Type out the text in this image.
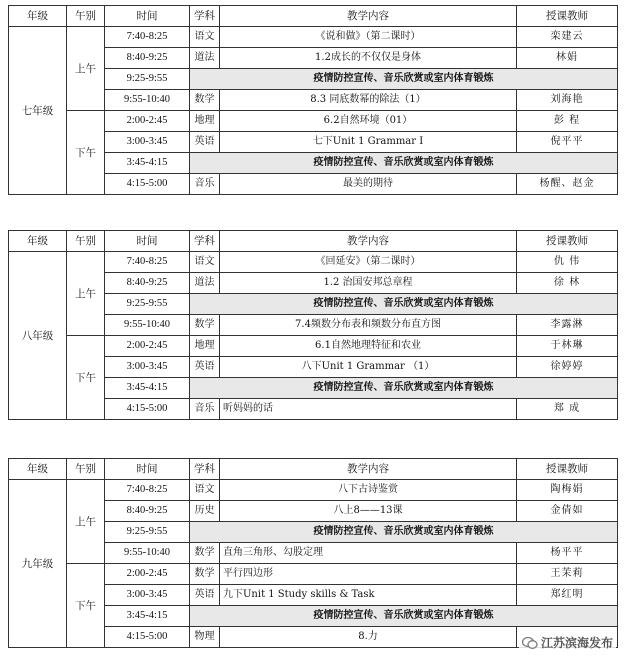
年级	午别	时间	学科	教学内容	授课教师
七年级	上午	7:40-8:25	语文	《说和做》（第二课时）	栾建云
		8:40-9:25	道法	1.2成长的不仅仅是身体	林娟
		9:25-9:55	疫情防控宣传、音乐欣赏或室内体育锻炼		
		9:55-10:40	数学	8.3 同底数幂的除法（1）	刘海艳
	下午	2:00-2:45	地理	6.2自然环境（01）	彭 程
		3:00-3:45	英语	七下Unit 1 Grammar I	倪平平
		3:45-4:15	疫情防控宣传、音乐欣赏或室内体育锻炼		
		4:15-5:00	音乐	最美的期待	杨醒、赵金
年级	午别	时间	学科	教学内容	授课教师
八年级	上午	7:40-8:25	语文	《回延安》（第二课时）	仇 伟
		8:40-9:25	道法	1.2 治国安邦总章程	徐 林
		9:25-9:55	疫情防控宣传、音乐欣赏或室内体育锻炼		
		9:55-10:40	数学	7.4频数分布表和频数分布直方图	李露淋
	下午	2:00-2:45	地理	6.1自然地理特征和农业	于林琳
		3:00-3:45	英语	八下Unit 1 Grammar （1）	徐婷婷
		3:45-4:15	疫情防控宣传、音乐欣赏或室内体育锻炼		
		4:15-5:00	音乐	听妈妈的话	郑 成
年级	午别	时间	学科	教学内容	授课教师
九年级	上午	7:40-8:25	语文	八下古诗鉴赏	陶梅娟
		8:40-9:25	历史	八上8——13课	金倩如
		9:25-9:55	疫情防控宣传、音乐欣赏或室内体育锻炼		
		9:55-10:40	数学	直角三角形、勾股定理	杨平平
	下午	2:00-2:45	数学	平行四边形	王茉莉
		3:00-3:45	英语	九下Unit 1 Study skills & Task	郑红明
		3:45-4:15	疫情防控宣传、音乐欣赏或室内体育锻炼		
		4:15-5:00	物理	8.力		江苏滨海发布
